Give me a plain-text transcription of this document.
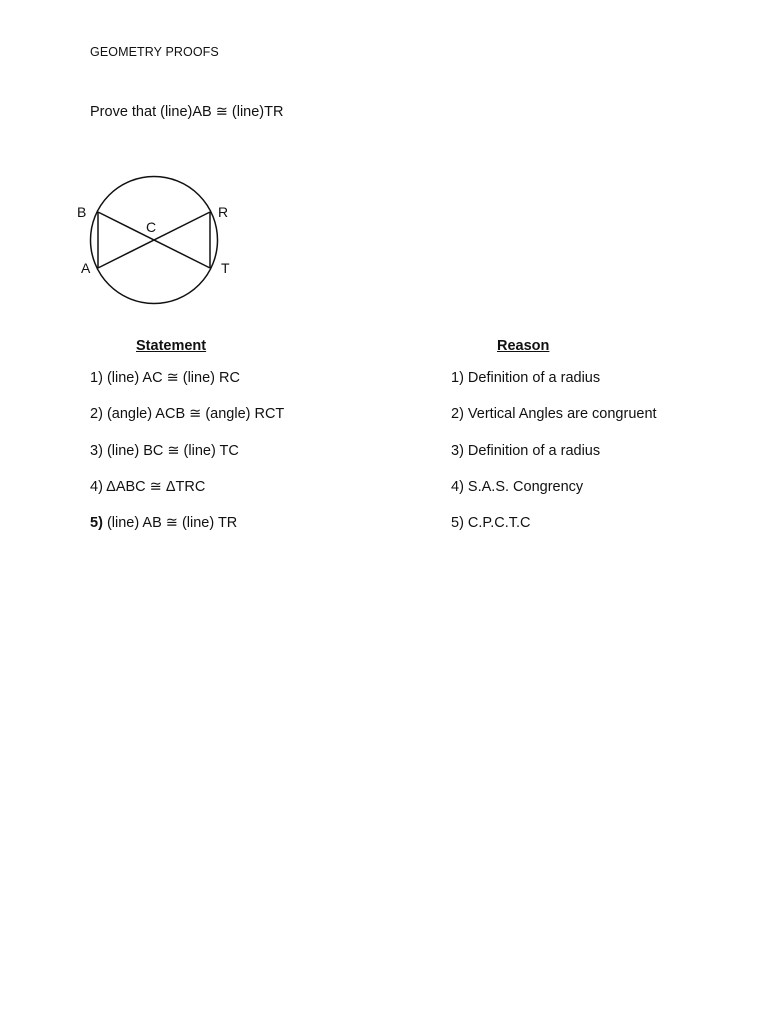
GEOMETRY PROOFS
Prove that (line)AB ≅ (line)TR
B	R
C
A	T
Statement	Reason
1) (line) AC ≅ (line) RC	1) Definition of a radius
2) (angle) ACB ≅ (angle) RCT	2) Vertical Angles are congruent
3) (line) BC ≅ (line) TC	3) Definition of a radius
4) ΔABC ≅ ΔTRC	4) S.A.S. Congrency
5) (line) AB ≅ (line) TR	5) C.P.C.T.C
